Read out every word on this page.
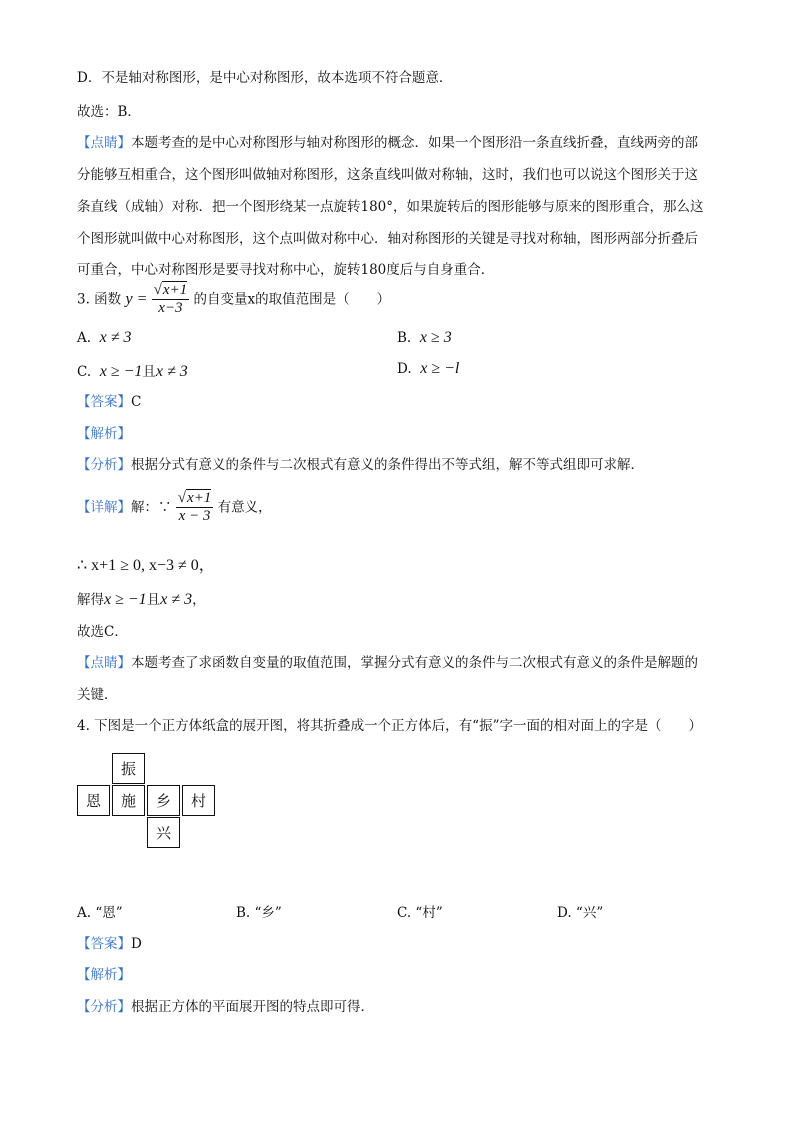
D．不是轴对称图形，是中心对称图形，故本选项不符合题意．
故选：B．
【点睛】本题考查的是中心对称图形与轴对称图形的概念．如果一个图形沿一条直线折叠，直线两旁的部
分能够互相重合，这个图形叫做轴对称图形，这条直线叫做对称轴，这时，我们也可以说这个图形关于这
条直线（成轴）对称．把一个图形绕某一点旋转180°，如果旋转后的图形能够与原来的图形重合，那么这
个图形就叫做中心对称图形，这个点叫做对称中心．轴对称图形的关键是寻找对称轴，图形两部分折叠后
可重合，中心对称图形是要寻找对称中心，旋转180度后与自身重合．
3. 函数 $y = \frac{√x+1}{x-3}$ 的自变量x的取值范围是（　　）
A. x ≠ 3	B. x ≥ 3
C. x ≥ −1且x ≠ 3	D. x ≥ −l
【答案】C
【解析】
【分析】根据分式有意义的条件与二次根式有意义的条件得出不等式组，解不等式组即可求解．
【详解】解：∵ $\frac{√x+1}{x - 3}$ 有意义，
∴ x+1 ≥ 0, x−3 ≠ 0，
解得x ≥ −1且x ≠ 3，
故选C．
【点睛】本题考查了求函数自变量的取值范围，掌握分式有意义的条件与二次根式有意义的条件是解题的
关键．
4. 下图是一个正方体纸盒的展开图，将其折叠成一个正方体后，有“振”字一面的相对面上的字是（　　）
振
恩	施	乡	村
兴
A. “恩”	B. “乡”	C. “村”	D. “兴”
【答案】D
【解析】
【分析】根据正方体的平面展开图的特点即可得．
